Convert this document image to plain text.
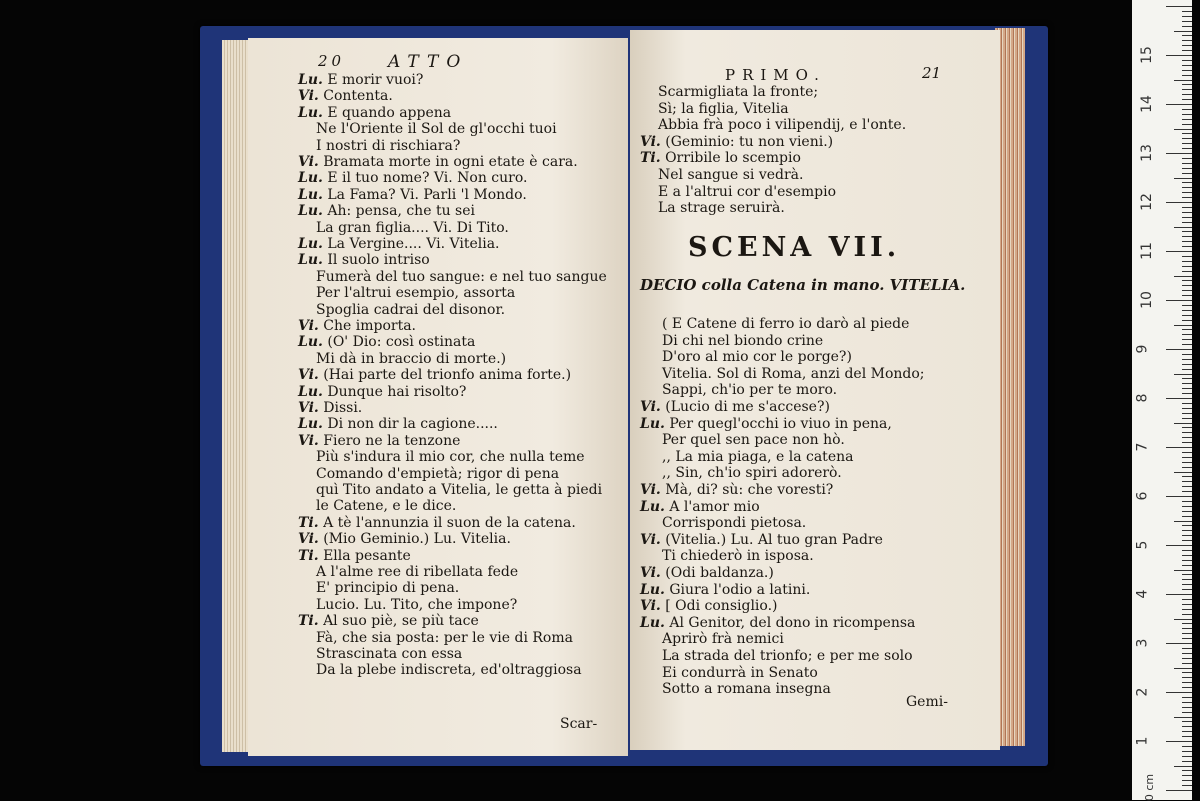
20	ATTO
Lu. E morir vuoi?
Vi. Contenta.
Lu. E quando appena
Ne l'Oriente il Sol de gl'occhi tuoi
I nostri di rischiara?
Vi. Bramata morte in ogni etate è cara.
Lu. E il tuo nome? Vi. Non curo.
Lu. La Fama? Vi. Parli 'l Mondo.
Lu. Ah: pensa, che tu sei
La gran figlia.... Vi. Di Tito.
Lu. La Vergine.... Vi. Vitelia.
Lu. Il suolo intriso
Fumerà del tuo sangue: e nel tuo sangue
Per l'altrui esempio, assorta
Spoglia cadrai del disonor.
Vi. Che importa.
Lu. (O' Dio: così ostinata
Mi dà in braccio di morte.)
Vi. (Hai parte del trionfo anima forte.)
Lu. Dunque hai risolto?
Vi. Dissi.
Lu. Di non dir la cagione.....
Vi. Fiero ne la tenzone
Più s'indura il mio cor, che nulla teme
Comando d'empietà; rigor di pena
quì Tito andato a Vitelia, le getta à piedi
le Catene, e le dice.
Ti. A tè l'annunzia il suon de la catena.
Vi. (Mio Geminio.) Lu. Vitelia.
Ti. Ella pesante
A l'alme ree di ribellata fede
E' principio di pena.
Lucio. Lu. Tito, che impone?
Ti. Al suo piè, se più tace
Fà, che sia posta: per le vie di Roma
Strascinata con essa
Da la plebe indiscreta, ed'oltraggiosa
Scar-
PRIMO.	21
Scarmigliata la fronte;
Sì; la figlia, Vitelia
Abbia frà poco i vilipendij, e l'onte.
Vi. (Geminio: tu non vieni.)
Ti. Orribile lo scempio
Nel sangue si vedrà.
E a l'altrui cor d'esempio
La strage seruirà.
SCENA VII.
DECIO colla Catena in mano. VITELIA.
( E Catene di ferro io darò al piede
Di chi nel biondo crine
D'oro al mio cor le porge?)
Vitelia. Sol di Roma, anzi del Mondo;
Sappi, ch'io per te moro.
Vi. (Lucio di me s'accese?)
Lu. Per quegl'occhi io viuo in pena,
Per quel sen pace non hò.
,, La mia piaga, e la catena
,, Sin, ch'io spiri adorerò.
Vi. Mà, di? sù: che voresti?
Lu. A l'amor mio
Corrispondi pietosa.
Vi. (Vitelia.) Lu. Al tuo gran Padre
Ti chiederò in isposa.
Vi. (Odi baldanza.)
Lu. Giura l'odio a latini.
Vi. [ Odi consiglio.)
Lu. Al Genitor, del dono in ricompensa
Aprirò frà nemici
La strada del trionfo; e per me solo
Ei condurrà in Senato
Sotto a romana insegna
Gemi-
0 cm
1
2
3
4
5
6
7
8
9
10
11
12
13
14
15
